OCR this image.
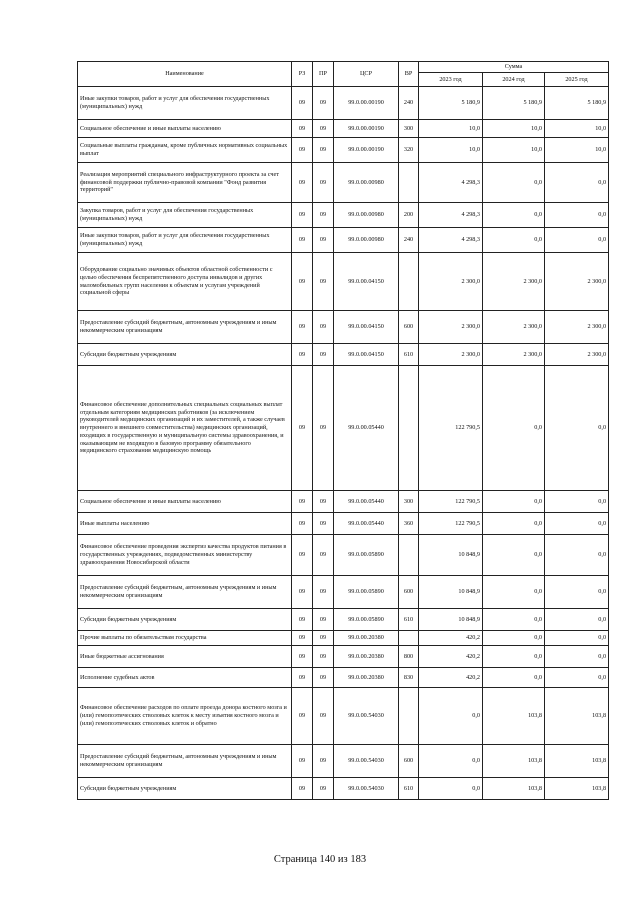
Наименование	РЗ	ПР	ЦСР	ВР	Сумма		
					2023 год	2024 год	2025 год
Иные закупки товаров, работ и услуг для обеспечения государственных (муниципальных) нужд	09	09	99.0.00.00190	240	5 180,9	5 180,9	5 180,9
Социальное обеспечение и иные выплаты населению	09	09	99.0.00.00190	300	10,0	10,0	10,0
Социальные выплаты гражданам, кроме публичных нормативных социальных выплат	09	09	99.0.00.00190	320	10,0	10,0	10,0
Реализация мероприятий специального инфраструктурного проекта за счет финансовой поддержки публично-правовой компании "Фонд развития территорий"	09	09	99.0.00.00980		4 298,3	0,0	0,0
Закупка товаров, работ и услуг для обеспечения государственных (муниципальных) нужд	09	09	99.0.00.00980	200	4 298,3	0,0	0,0
Иные закупки товаров, работ и услуг для обеспечения государственных (муниципальных) нужд	09	09	99.0.00.00980	240	4 298,3	0,0	0,0
Оборудование социально значимых объектов областной собственности с целью обеспечения беспрепятственного доступа инвалидов и других маломобильных групп населения к объектам и услугам учреждений социальной сферы	09	09	99.0.00.04150		2 300,0	2 300,0	2 300,0
Предоставление субсидий бюджетным, автономным учреждениям и иным некоммерческим организациям	09	09	99.0.00.04150	600	2 300,0	2 300,0	2 300,0
Субсидии бюджетным учреждениям	09	09	99.0.00.04150	610	2 300,0	2 300,0	2 300,0
Финансовое обеспечение дополнительных специальных социальных выплат отдельным категориям медицинских работников (за исключением руководителей медицинских организаций и их заместителей, а также случаев внутреннего и внешнего совместительства) медицинских организаций, входящих в государственную и муниципальную системы здравоохранения, и оказывающим не входящую в базовую программу обязательного медицинского страхования медицинскую помощь	09	09	99.0.00.05440		122 790,5	0,0	0,0
Социальное обеспечение и иные выплаты населению	09	09	99.0.00.05440	300	122 790,5	0,0	0,0
Иные выплаты населению	09	09	99.0.00.05440	360	122 790,5	0,0	0,0
Финансовое обеспечение проведения экспертиз качества продуктов питания в государственных учреждениях, подведомственных министерству здравоохранения Новосибирской области	09	09	99.0.00.05890		10 848,9	0,0	0,0
Предоставление субсидий бюджетным, автономным учреждениям и иным некоммерческим организациям	09	09	99.0.00.05890	600	10 848,9	0,0	0,0
Субсидии бюджетным учреждениям	09	09	99.0.00.05890	610	10 848,9	0,0	0,0
Прочие выплаты по обязательствам государства	09	09	99.0.00.20380		420,2	0,0	0,0
Иные бюджетные ассигнования	09	09	99.0.00.20380	800	420,2	0,0	0,0
Исполнение судебных актов	09	09	99.0.00.20380	830	420,2	0,0	0,0
Финансовое обеспечение расходов по оплате проезда донора костного мозга и (или) гемопоэтических стволовых клеток к месту изъятия костного мозга и (или) гемопоэтических стволовых клеток и обратно	09	09	99.0.00.54030		0,0	103,8	103,8
Предоставление субсидий бюджетным, автономным учреждениям и иным некоммерческим организациям	09	09	99.0.00.54030	600	0,0	103,8	103,8
Субсидии бюджетным учреждениям	09	09	99.0.00.54030	610	0,0	103,8	103,8
Страница 140 из 183
